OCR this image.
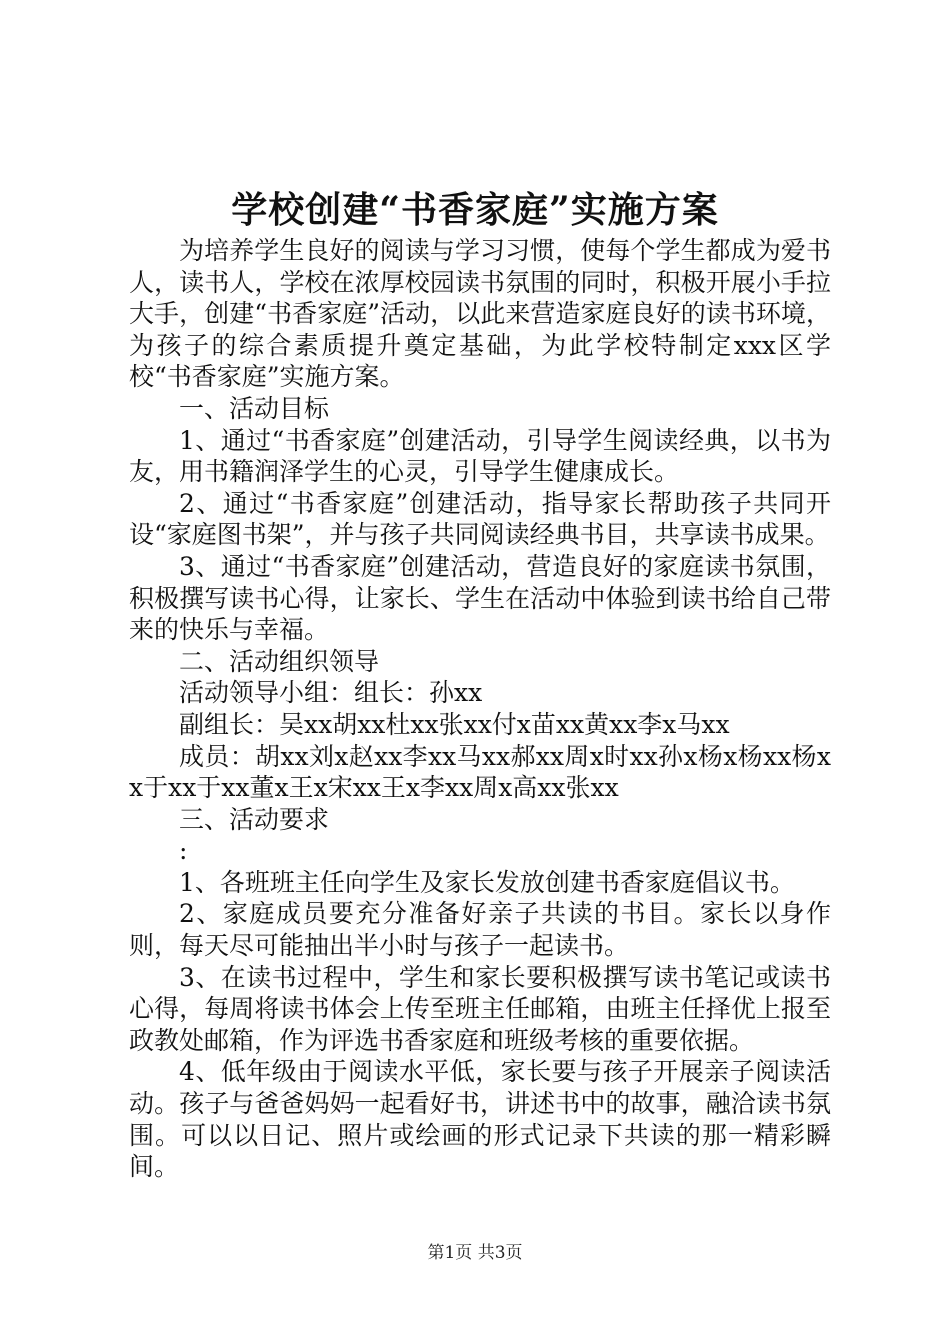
学校创建“书香家庭”实施方案

为培养学生良好的阅读与学习习惯，使每个学生都成为爱书人，读书人，学校在浓厚校园读书氛围的同时，积极开展小手拉大手，创建“书香家庭”活动，以此来营造家庭良好的读书环境，为孩子的综合素质提升奠定基础，为此学校特制定xxx区学校“书香家庭”实施方案。

一、活动目标

1、通过“书香家庭”创建活动，引导学生阅读经典，以书为友，用书籍润泽学生的心灵，引导学生健康成长。

2、通过“书香家庭”创建活动，指导家长帮助孩子共同开设“家庭图书架”，并与孩子共同阅读经典书目，共享读书成果。

3、通过“书香家庭”创建活动，营造良好的家庭读书氛围，积极撰写读书心得，让家长、学生在活动中体验到读书给自己带来的快乐与幸福。

二、活动组织领导

活动领导小组：组长：孙xx

副组长：吴xx胡xx杜xx张xx付x苗xx黄xx李x马xx

成员：胡xx刘x赵xx李xx马xx郝xx周x时xx孙x杨x杨xx杨xx于xx于xx董x王x宋xx王x李xx周x高xx张xx

三、活动要求

:

1、各班班主任向学生及家长发放创建书香家庭倡议书。

2、家庭成员要充分准备好亲子共读的书目。家长以身作则，每天尽可能抽出半小时与孩子一起读书。

3、在读书过程中，学生和家长要积极撰写读书笔记或读书心得，每周将读书体会上传至班主任邮箱，由班主任择优上报至政教处邮箱，作为评选书香家庭和班级考核的重要依据。

4、低年级由于阅读水平低，家长要与孩子开展亲子阅读活动。孩子与爸爸妈妈一起看好书，讲述书中的故事，融洽读书氛围。可以以日记、照片或绘画的形式记录下共读的那一精彩瞬间。

第1页 共3页
